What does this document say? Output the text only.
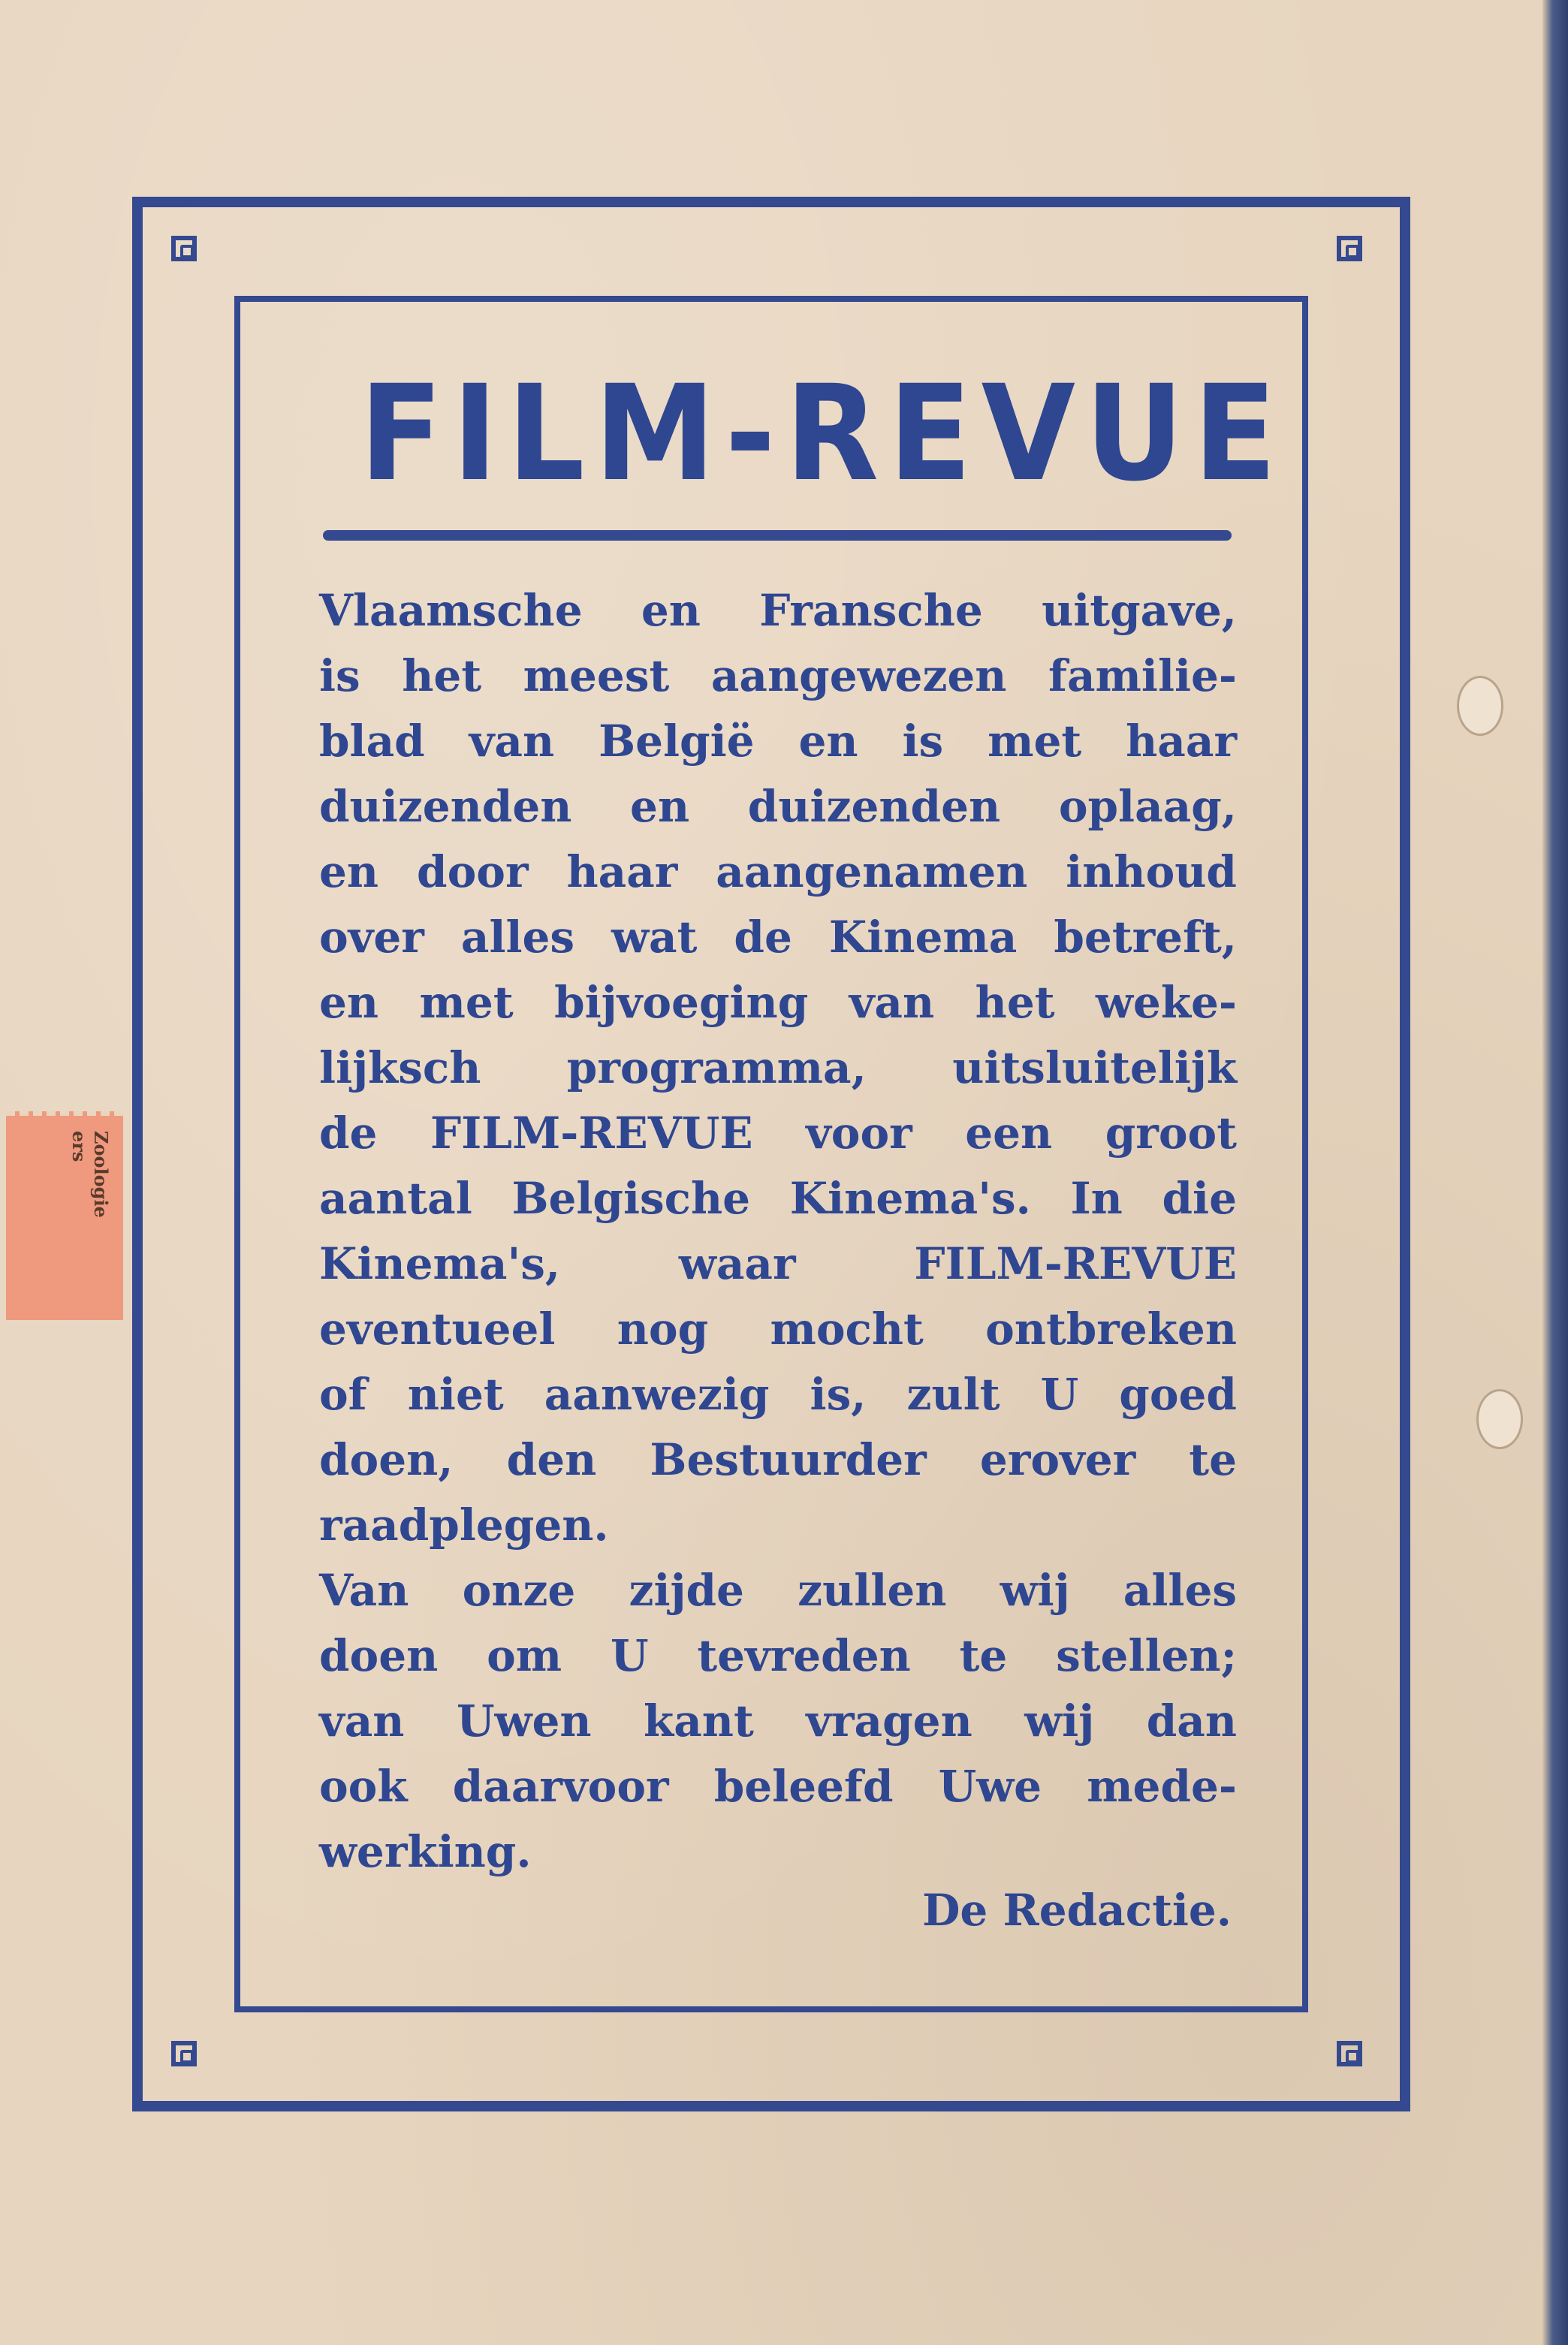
Zoologie
ers
FILM-REVUE
Vlaamsche en Fransche uitgave,
is het meest aangewezen familie-
blad van België en is met haar
duizenden en duizenden oplaag,
en door haar aangenamen inhoud
over alles wat de Kinema betreft,
en met bijvoeging van het weke-
lijksch programma, uitsluitelijk
de FILM-REVUE voor een groot
aantal Belgische Kinema's. In die
Kinema's, waar FILM-REVUE
eventueel nog mocht ontbreken
of niet aanwezig is, zult U goed
doen, den Bestuurder erover te
raadplegen.
Van onze zijde zullen wij alles
doen om U tevreden te stellen;
van Uwen kant vragen wij dan
ook daarvoor beleefd Uwe mede-
werking.
De Redactie.
